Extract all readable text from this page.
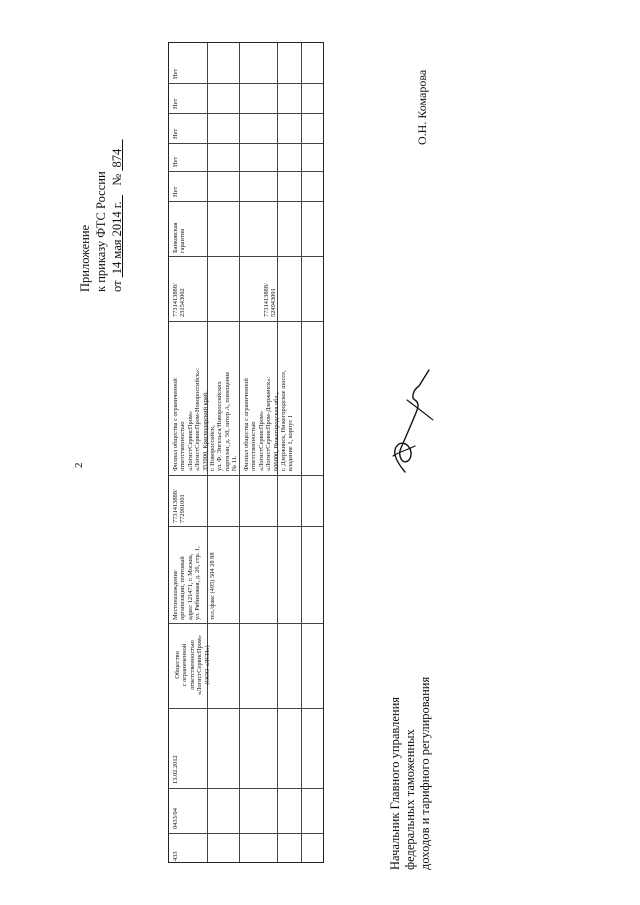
2
Приложение к приказу ФТС России от  14 мая 2014 г.     №  874
433
0433/04
13.02.2012
Общество с ограниченной ответственностью «ЛогистСервисПром» (ООО «ЛСП»)
Местонахождение организации, почтовый адрес 121471, г. Москва, ул. Рябиновая, д. 26, стр. 1,
тел./факс (495) 504 28 88
7731413888/ 772901001
Филиал общества с ограниченной ответственностью «ЛогистСервисПром» «ЛогистСервисПром-Новороссийск»: 353900, Краснодарский край, г. Новороссийск, ул. Ф. Энгельса/Новороссийских партизан, д. 50, литер А, помещение № 11. Филиал общества с ограниченной ответственностью «ЛогистСервисПром» «ЛогистСервисПром-Дзержинск»: 606000, Нижегородская обл., г. Дзержинск, Нижегородское шоссе, владение 1, корпус 1
7731413888/ 231543002	7731413888/ 524943001
Банковская гарантия
Нет
Нет
Нет
Нет
Нет	О.Н. Комарова
Начальник Главного управления федеральных таможенных доходов и тарифного регулирования
